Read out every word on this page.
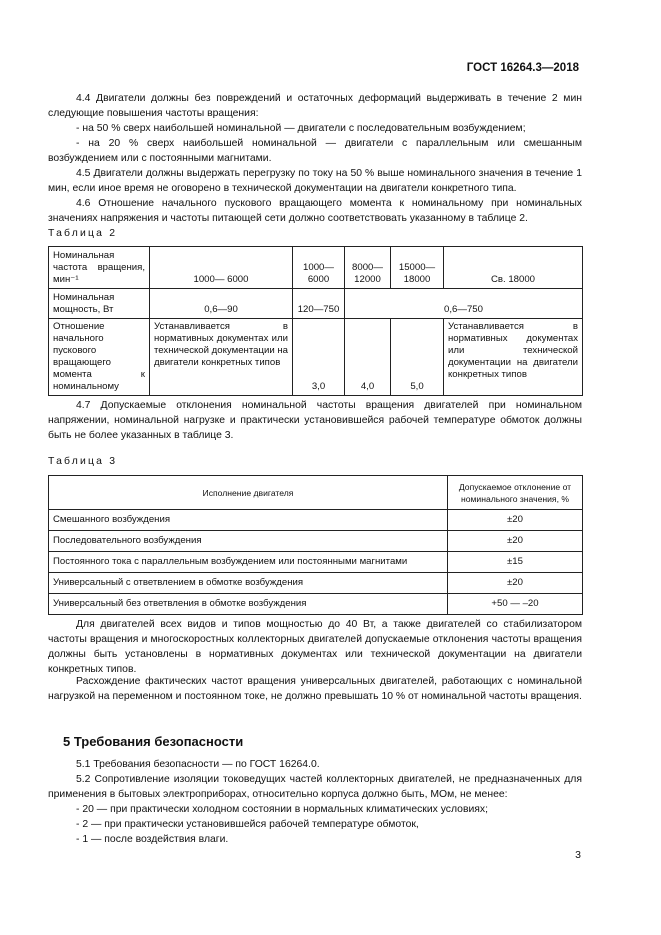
ГОСТ 16264.3—2018

4.4 Двигатели должны без повреждений и остаточных деформаций выдерживать в течение 2 мин следующие повышения частоты вращения:

- на 50 % сверх наибольшей номинальной — двигатели с последовательным возбуждением;

- на 20 % сверх наибольшей номинальной — двигатели с параллельным или смешанным возбуждением или с постоянными магнитами.

4.5 Двигатели должны выдержать перегрузку по току на 50 % выше номинального значения в течение 1 мин, если иное время не оговорено в технической документации на двигатели конкретного типа.

4.6 Отношение начального пускового вращающего момента к номинальному при номинальных значениях напряжения и частоты питающей сети должно соответствовать указанному в таблице 2.

Таблица 2
Номинальная частота вращения, мин⁻¹	1000— 6000	1000— 6000	8000— 12000	15000— 18000	Св. 18000
Номинальная мощность, Вт	0,6—90	120—750	0,6—750		
Отношение начального пускового вращающего момента к номинальному	Устанавливается в нормативных документах или технической документации на двигатели конкретных типов	3,0	4,0	5,0	Устанавливается в нормативных документах или технической документации на двигатели конкретных типов

4.7 Допускаемые отклонения номинальной частоты вращения двигателей при номинальном напряжении, номинальной нагрузке и практически установившейся рабочей температуре обмоток должны быть не более указанных в таблице 3.

Таблица 3
Исполнение двигателя	Допускаемое отклонение от номинального значения, %
Смешанного возбуждения	±20
Последовательного возбуждения	±20
Постоянного тока с параллельным возбуждением или постоянными магнитами	±15
Универсальный с ответвлением в обмотке возбуждения	±20
Универсальный без ответвления в обмотке возбуждения	+50 — –20

Для двигателей всех видов и типов мощностью до 40 Вт, а также двигателей со стабилизатором частоты вращения и многоскоростных коллекторных двигателей допускаемые отклонения частоты вращения должны быть установлены в нормативных документах или технической документации на двигатели конкретных типов.

Расхождение фактических частот вращения универсальных двигателей, работающих с номинальной нагрузкой на переменном и постоянном токе, не должно превышать 10 % от номинальной частоты вращения.

5 Требования безопасности

5.1 Требования безопасности — по ГОСТ 16264.0.

5.2 Сопротивление изоляции токоведущих частей коллекторных двигателей, не предназначенных для применения в бытовых электроприборах, относительно корпуса должно быть, МОм, не менее:

- 20 — при практически холодном состоянии в нормальных климатических условиях;

- 2 — при практически установившейся рабочей температуре обмоток,

- 1 — после воздействия влаги.

3
